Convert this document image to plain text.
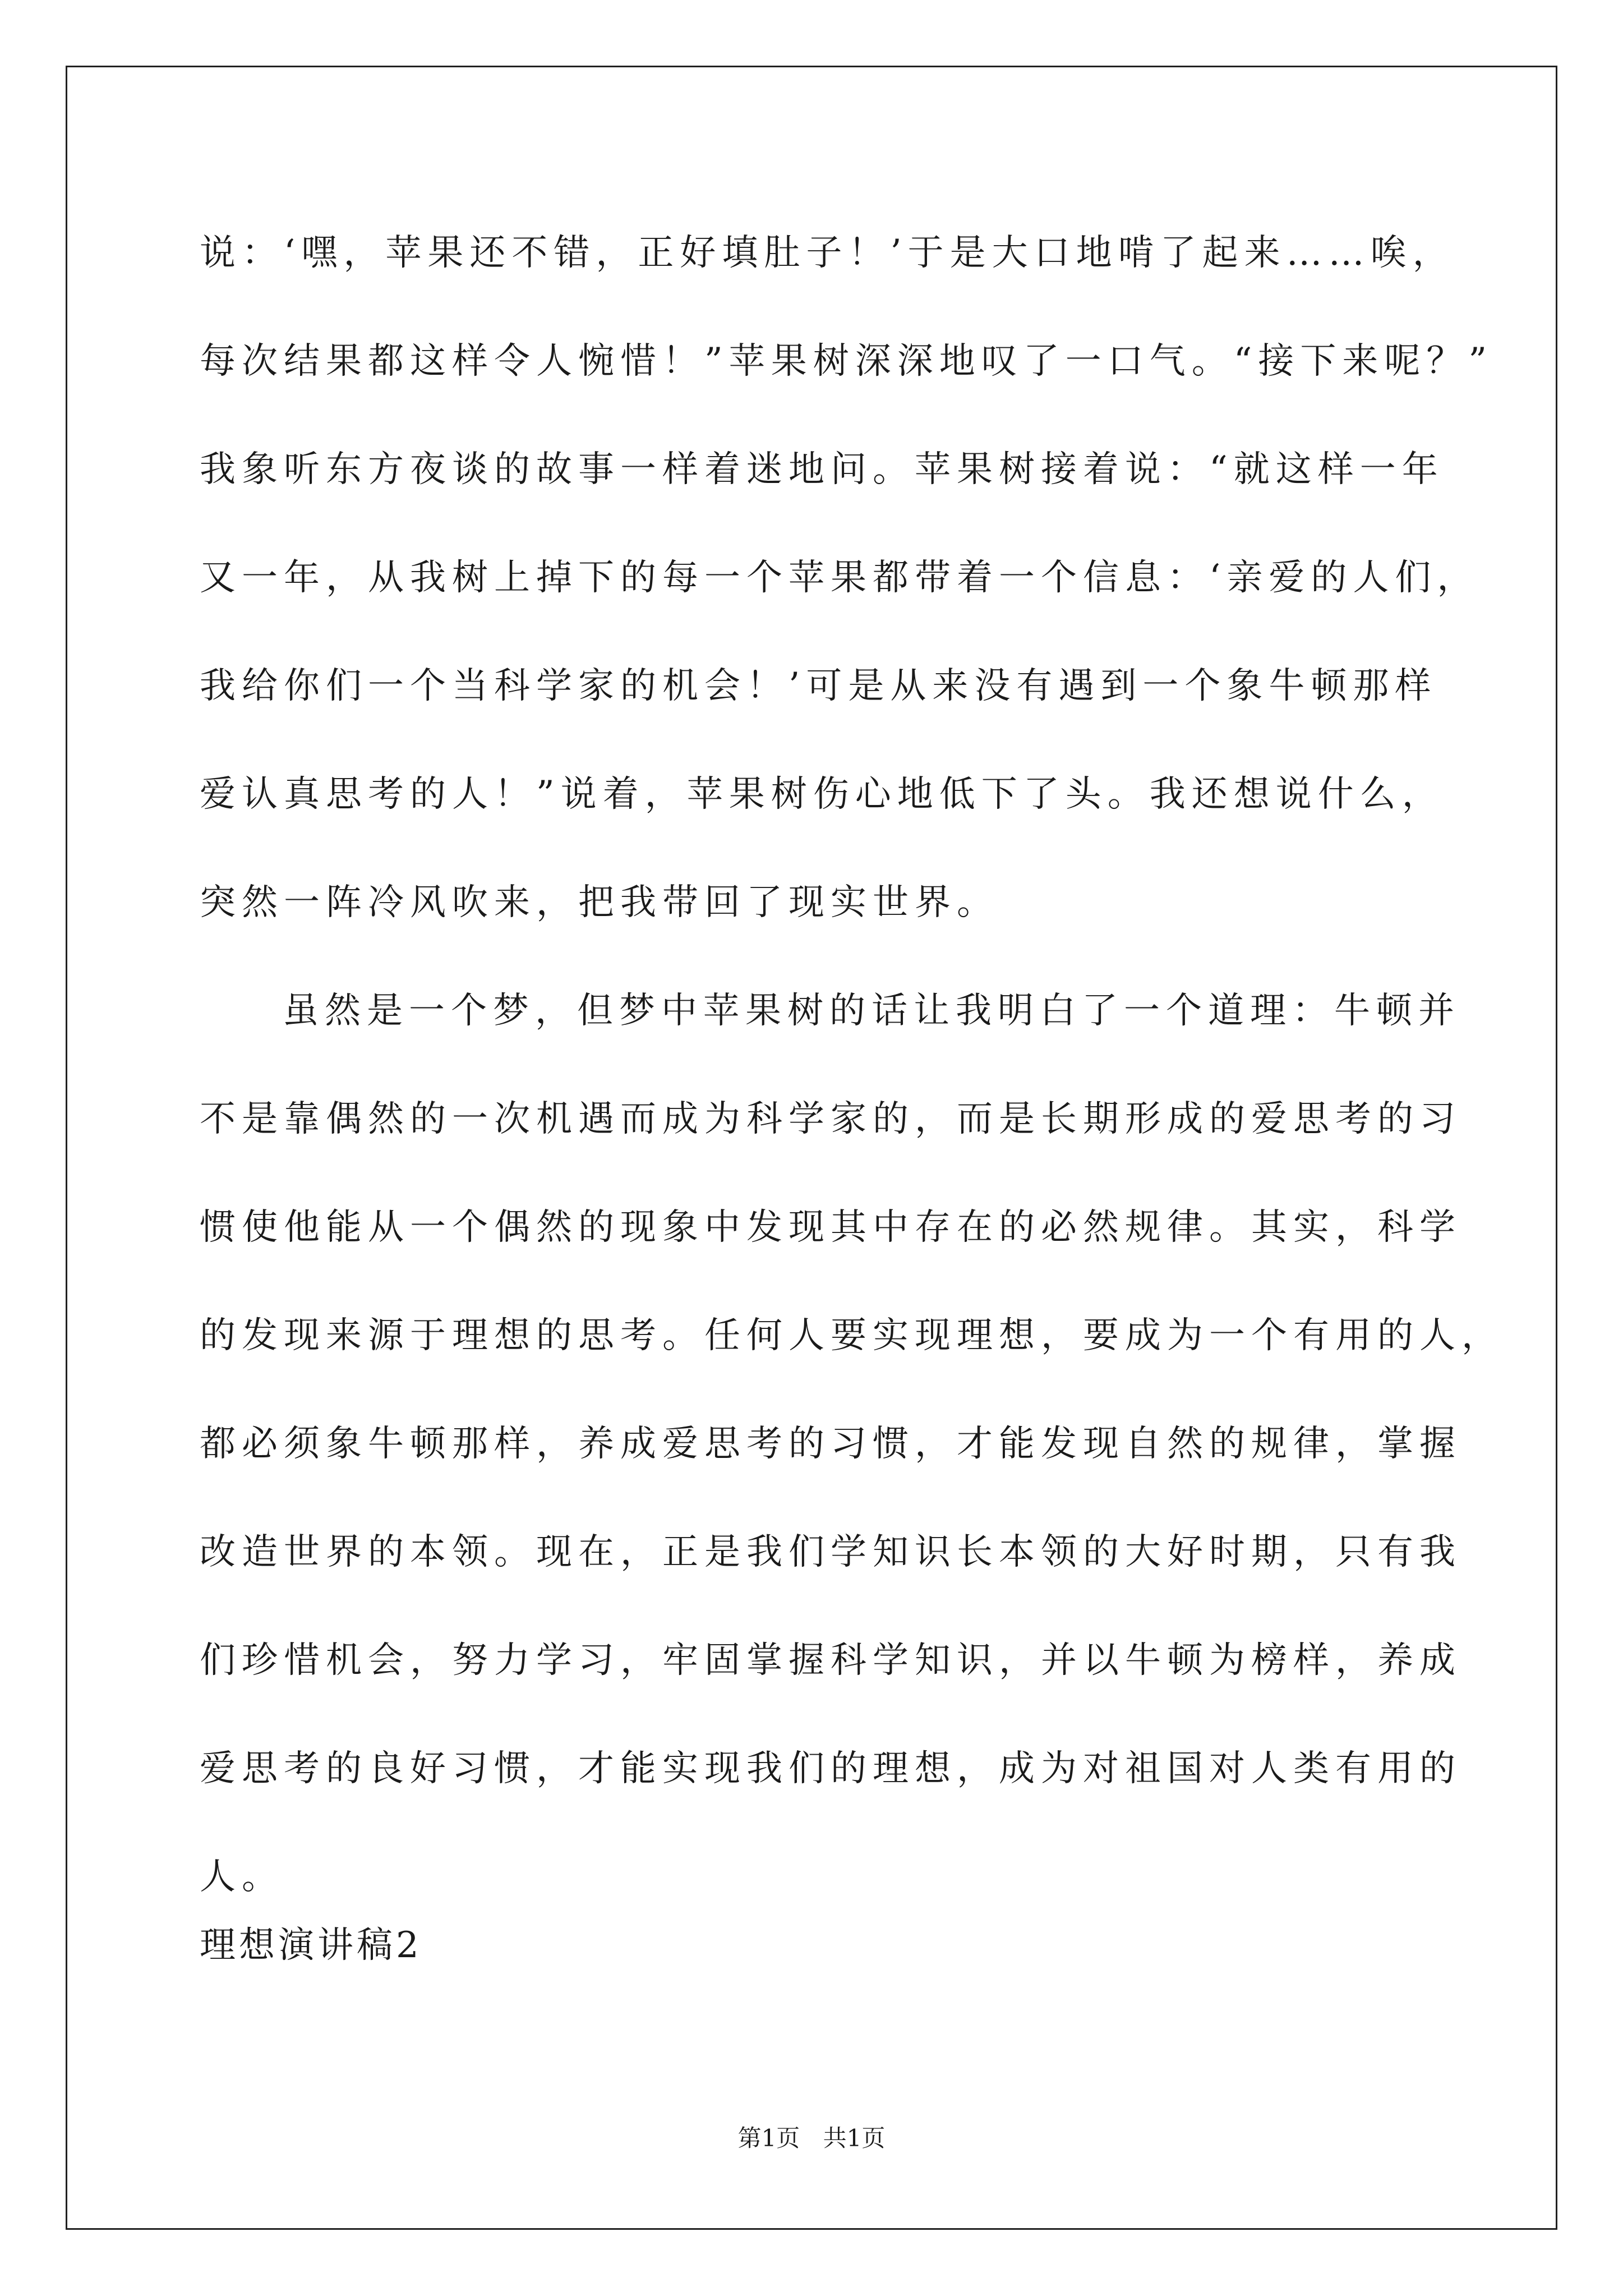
说：‘嘿，苹果还不错，正好填肚子！’于是大口地啃了起来……唉，
每次结果都这样令人惋惜！”苹果树深深地叹了一口气。“接下来呢？”
我象听东方夜谈的故事一样着迷地问。苹果树接着说：“就这样一年
又一年，从我树上掉下的每一个苹果都带着一个信息：‘亲爱的人们，
我给你们一个当科学家的机会！’可是从来没有遇到一个象牛顿那样
爱认真思考的人！”说着，苹果树伤心地低下了头。我还想说什么，
突然一阵冷风吹来，把我带回了现实世界。
虽然是一个梦，但梦中苹果树的话让我明白了一个道理：牛顿并
不是靠偶然的一次机遇而成为科学家的，而是长期形成的爱思考的习
惯使他能从一个偶然的现象中发现其中存在的必然规律。其实，科学
的发现来源于理想的思考。任何人要实现理想，要成为一个有用的人，
都必须象牛顿那样，养成爱思考的习惯，才能发现自然的规律，掌握
改造世界的本领。现在，正是我们学知识长本领的大好时期，只有我
们珍惜机会，努力学习，牢固掌握科学知识，并以牛顿为榜样，养成
爱思考的良好习惯，才能实现我们的理想，成为对祖国对人类有用的
人。
理想演讲稿2
第1页 共1页
